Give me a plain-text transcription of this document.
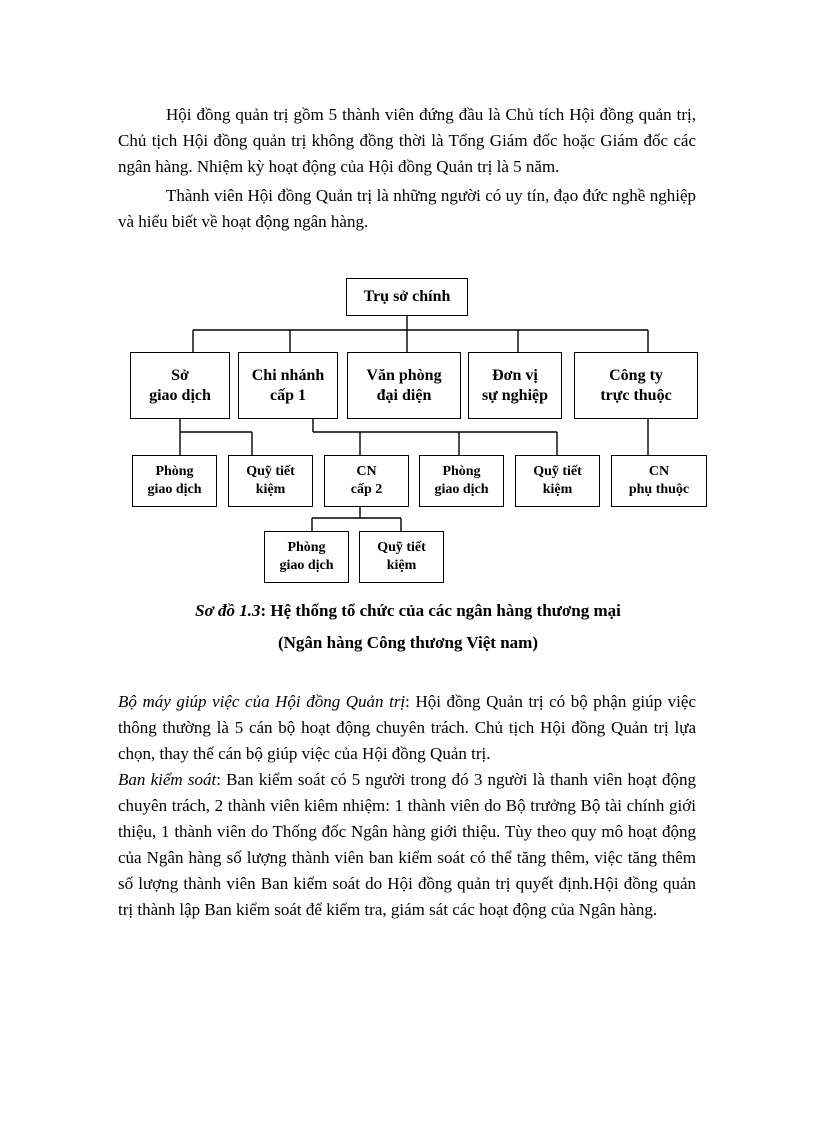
Hội đồng quản trị gồm 5 thành viên đứng đầu là Chủ tích Hội đồng quản trị, Chủ tịch Hội đồng quản trị không đồng thời là Tổng Giám đốc hoặc Giám đốc các ngân hàng. Nhiệm kỳ hoạt động của Hội đồng Quản trị là 5 năm.

Thành viên Hội đồng Quản trị là những người có uy tín, đạo đức nghề nghiệp và hiểu biết về hoạt động ngân hàng.

Trụ sở chính
Sở
giao dịch
Chi nhánh
cấp 1
Văn phòng
đại diện
Đơn vị
sự nghiệp
Công ty
trực thuộc
Phòng
giao dịch
Quỹ tiết
kiệm
CN
cấp 2
Phòng
giao dịch
Quỹ tiết
kiệm
CN
phụ thuộc
Phòng
giao dịch
Quỹ tiết
kiệm
Sơ đồ 1.3: Hệ thống tổ chức của các ngân hàng thương mại
(Ngân hàng Công thương Việt nam)

Bộ máy giúp việc của Hội đồng Quản trị: Hội đồng Quản trị có bộ phận giúp việc thông thường là 5 cán bộ hoạt động chuyên trách. Chủ tịch Hội đồng Quản trị lựa chọn, thay thế cán bộ giúp việc của Hội đồng Quản trị.

Ban kiểm soát: Ban kiểm soát có 5 người trong đó 3 người là thanh viên hoạt động chuyên trách, 2 thành viên kiêm nhiệm: 1 thành viên do Bộ trưởng Bộ tài chính giới thiệu, 1 thành viên do Thống đốc Ngân hàng giới thiệu. Tùy theo quy mô hoạt động của Ngân hàng số lượng thành viên ban kiểm soát có thể tăng thêm, việc tăng thêm số lượng thành viên Ban kiểm soát do Hội đồng quản trị quyết định.Hội đồng quản trị thành lập Ban kiểm soát để kiểm tra, giám sát các hoạt động của Ngân hàng.
